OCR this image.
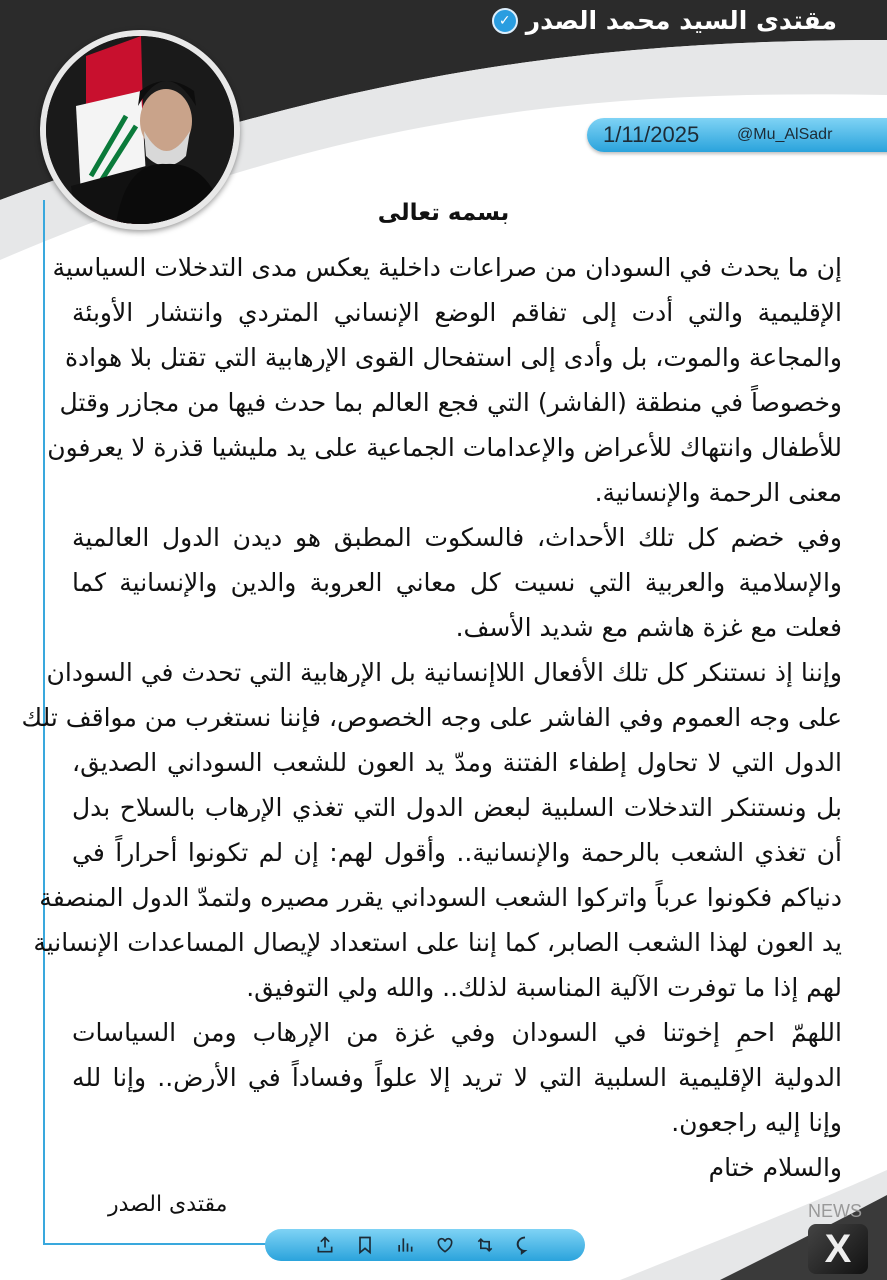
مقتدى السيد محمد الصدر
✓
1/11/2025 @Mu_AlSadr
بسمه تعالى
إن ما يحدث في السودان من صراعات داخلية يعكس مدى التدخلات السياسية
الإقليمية والتي أدت إلى تفاقم الوضع الإنساني المتردي وانتشار الأوبئة
والمجاعة والموت، بل وأدى إلى استفحال القوى الإرهابية التي تقتل بلا هوادة
وخصوصاً في منطقة (الفاشر) التي فجع العالم بما حدث فيها من مجازر وقتل
للأطفال وانتهاك للأعراض والإعدامات الجماعية على يد مليشيا قذرة لا يعرفون
معنى الرحمة والإنسانية.
وفي خضم كل تلك الأحداث، فالسكوت المطبق هو ديدن الدول العالمية
والإسلامية والعربية التي نسيت كل معاني العروبة والدين والإنسانية كما
فعلت مع غزة هاشم مع شديد الأسف.
وإننا إذ نستنكر كل تلك الأفعال اللاإنسانية بل الإرهابية التي تحدث في السودان
على وجه العموم وفي الفاشر على وجه الخصوص، فإننا نستغرب من مواقف تلك
الدول التي لا تحاول إطفاء الفتنة ومدّ يد العون للشعب السوداني الصديق،
بل ونستنكر التدخلات السلبية لبعض الدول التي تغذي الإرهاب بالسلاح بدل
أن تغذي الشعب بالرحمة والإنسانية.. وأقول لهم: إن لم تكونوا أحراراً في
دنياكم فكونوا عرباً واتركوا الشعب السوداني يقرر مصيره ولتمدّ الدول المنصفة
يد العون لهذا الشعب الصابر، كما إننا على استعداد لإيصال المساعدات الإنسانية
لهم إذا ما توفرت الآلية المناسبة لذلك.. والله ولي التوفيق.
اللهمّ احمِ إخوتنا في السودان وفي غزة من الإرهاب ومن السياسات
الدولية الإقليمية السلبية التي لا تريد إلا علواً وفساداً في الأرض.. وإنا لله
وإنا إليه راجعون.
والسلام ختام
مقتدى الصدر	NEWS
X
